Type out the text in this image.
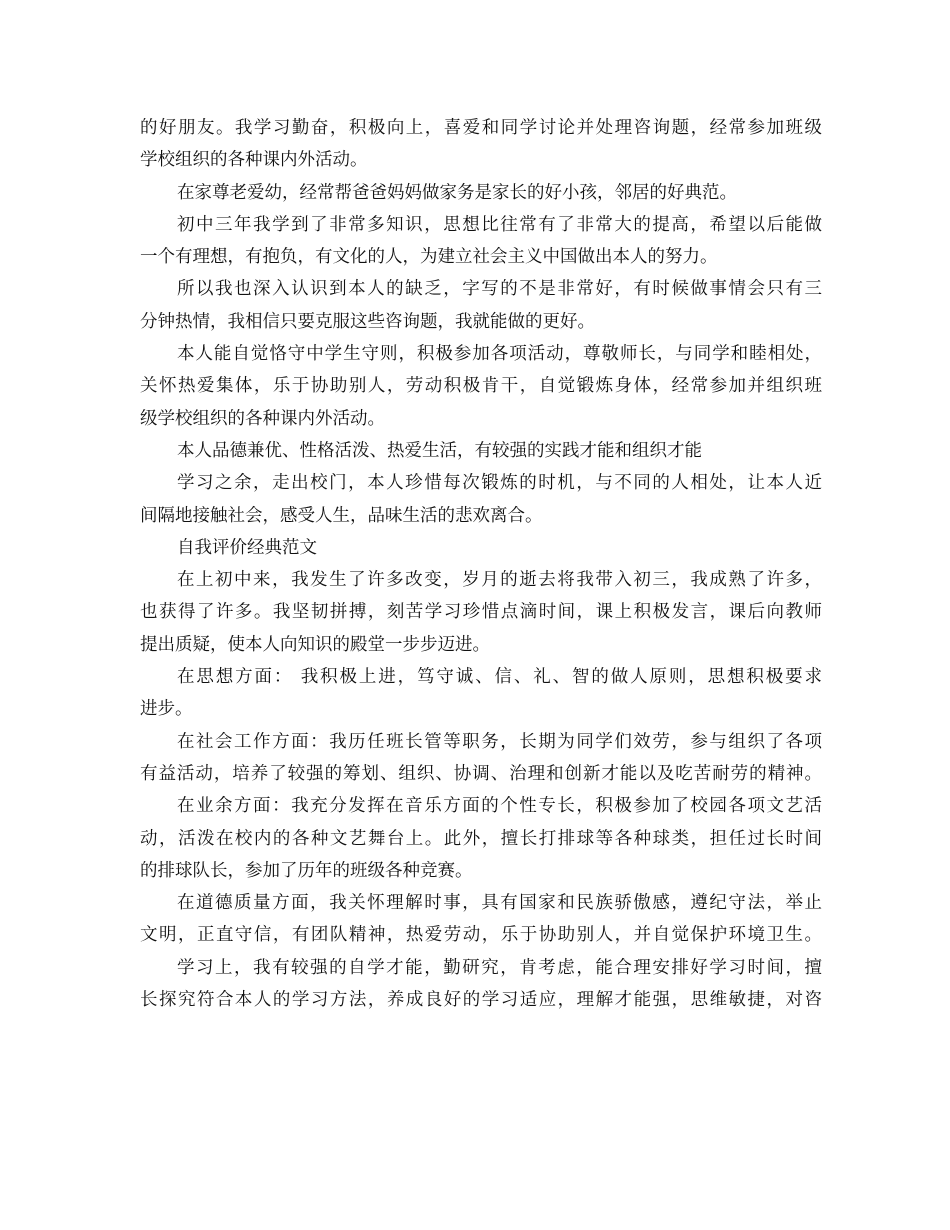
的好朋友。我学习勤奋，积极向上，喜爱和同学讨论并处理咨询题，经常参加班级
学校组织的各种课内外活动。
在家尊老爱幼，经常帮爸爸妈妈做家务是家长的好小孩，邻居的好典范。
初中三年我学到了非常多知识，思想比往常有了非常大的提高，希望以后能做
一个有理想，有抱负，有文化的人，为建立社会主义中国做出本人的努力。
所以我也深入认识到本人的缺乏，字写的不是非常好，有时候做事情会只有三
分钟热情，我相信只要克服这些咨询题，我就能做的更好。
本人能自觉恪守中学生守则，积极参加各项活动，尊敬师长，与同学和睦相处，
关怀热爱集体，乐于协助别人，劳动积极肯干，自觉锻炼身体，经常参加并组织班
级学校组织的各种课内外活动。
本人品德兼优、性格活泼、热爱生活，有较强的实践才能和组织才能
学习之余，走出校门，本人珍惜每次锻炼的时机，与不同的人相处，让本人近
间隔地接触社会，感受人生，品味生活的悲欢离合。
自我评价经典范文
在上初中来，我发生了许多改变，岁月的逝去将我带入初三，我成熟了许多，
也获得了许多。我坚韧拼搏，刻苦学习珍惜点滴时间，课上积极发言，课后向教师
提出质疑，使本人向知识的殿堂一步步迈进。
在思想方面： 我积极上进，笃守诚、信、礼、智的做人原则，思想积极要求
进步。
在社会工作方面：我历任班长管等职务，长期为同学们效劳，参与组织了各项
有益活动，培养了较强的筹划、组织、协调、治理和创新才能以及吃苦耐劳的精神。
在业余方面：我充分发挥在音乐方面的个性专长，积极参加了校园各项文艺活
动，活泼在校内的各种文艺舞台上。此外，擅长打排球等各种球类，担任过长时间
的排球队长，参加了历年的班级各种竞赛。
在道德质量方面，我关怀理解时事，具有国家和民族骄傲感，遵纪守法，举止
文明，正直守信，有团队精神，热爱劳动，乐于协助别人，并自觉保护环境卫生。
学习上，我有较强的自学才能，勤研究，肯考虑，能合理安排好学习时间，擅
长探究符合本人的学习方法，养成良好的学习适应，理解才能强，思维敏捷，对咨
